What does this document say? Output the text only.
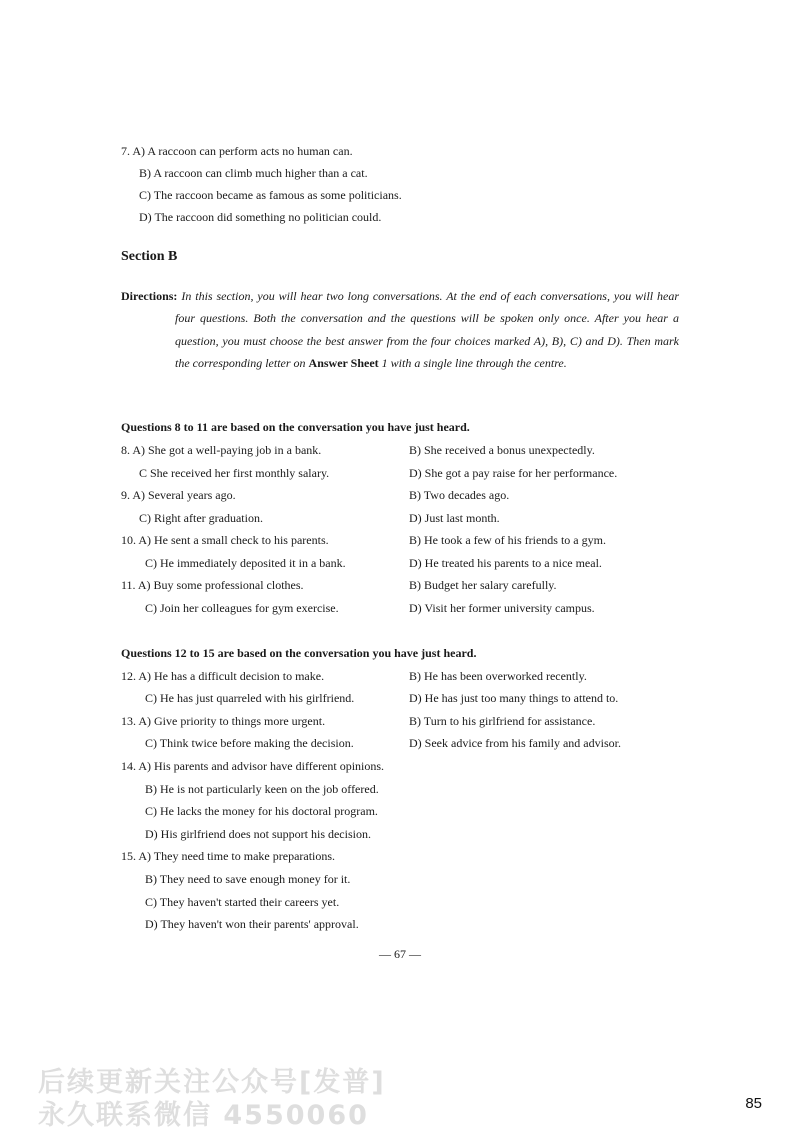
7. A) A raccoon can perform acts no human can.
B) A raccoon can climb much higher than a cat.
C) The raccoon became as famous as some politicians.
D) The raccoon did something no politician could.
Section B
Directions: In this section, you will hear two long conversations. At the end of each conversations, you will hear four questions. Both the conversation and the questions will be spoken only once. After you hear a question, you must choose the best answer from the four choices marked A), B), C) and D). Then mark the corresponding letter on Answer Sheet 1 with a single line through the centre.
Questions 8 to 11 are based on the conversation you have just heard.
8. A) She got a well-paying job in a bank.	B) She received a bonus unexpectedly.
C She received her first monthly salary.	D) She got a pay raise for her performance.
9. A) Several years ago.	B) Two decades ago.
C) Right after graduation.	D) Just last month.
10. A) He sent a small check to his parents.	B) He took a few of his friends to a gym.
C) He immediately deposited it in a bank.	D) He treated his parents to a nice meal.
11. A) Buy some professional clothes.	B) Budget her salary carefully.
C) Join her colleagues for gym exercise.	D) Visit her former university campus.
Questions 12 to 15 are based on the conversation you have just heard.
12. A) He has a difficult decision to make.	B) He has been overworked recently.
C) He has just quarreled with his girlfriend.	D) He has just too many things to attend to.
13. A) Give priority to things more urgent.	B) Turn to his girlfriend for assistance.
C) Think twice before making the decision.	D) Seek advice from his family and advisor.
14. A) His parents and advisor have different opinions.
B) He is not particularly keen on the job offered.
C) He lacks the money for his doctoral program.
D) His girlfriend does not support his decision.
15. A) They need time to make preparations.
B) They need to save enough money for it.
C) They haven't started their careers yet.
D) They haven't won their parents' approval.
— 67 —
后续更新关注公众号[发普]
永久联系微信 4550060	85
